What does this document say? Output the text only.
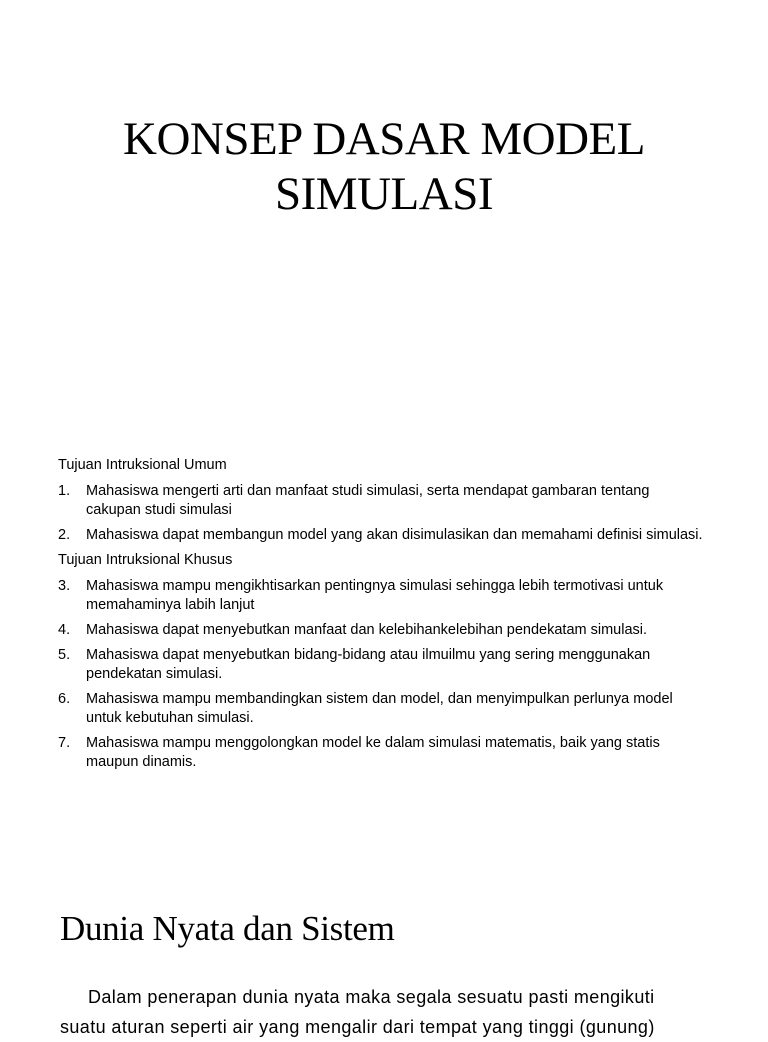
KONSEP DASAR MODEL
SIMULASI

Tujuan Intruksional Umum

1.	Mahasiswa mengerti arti dan manfaat studi simulasi, serta mendapat gambaran tentang cakupan studi simulasi
2.	Mahasiswa dapat membangun model yang akan disimulasikan dan memahami definisi simulasi.

Tujuan Intruksional Khusus

3.	Mahasiswa mampu mengikhtisarkan pentingnya simulasi sehingga lebih termotivasi untuk memahaminya labih lanjut
4.	Mahasiswa dapat menyebutkan manfaat dan kelebihankelebihan pendekatam simulasi.
5.	Mahasiswa dapat menyebutkan bidang-bidang atau ilmuilmu yang sering menggunakan pendekatan simulasi.
6.	Mahasiswa mampu membandingkan sistem dan model, dan menyimpulkan perlunya model untuk kebutuhan simulasi.
7.	Mahasiswa mampu menggolongkan model ke dalam simulasi matematis, baik yang statis maupun dinamis.
Dunia Nyata dan Sistem
Dalam penerapan dunia nyata maka segala sesuatu pasti mengikuti
suatu aturan seperti air yang mengalir dari tempat yang tinggi (gunung)
